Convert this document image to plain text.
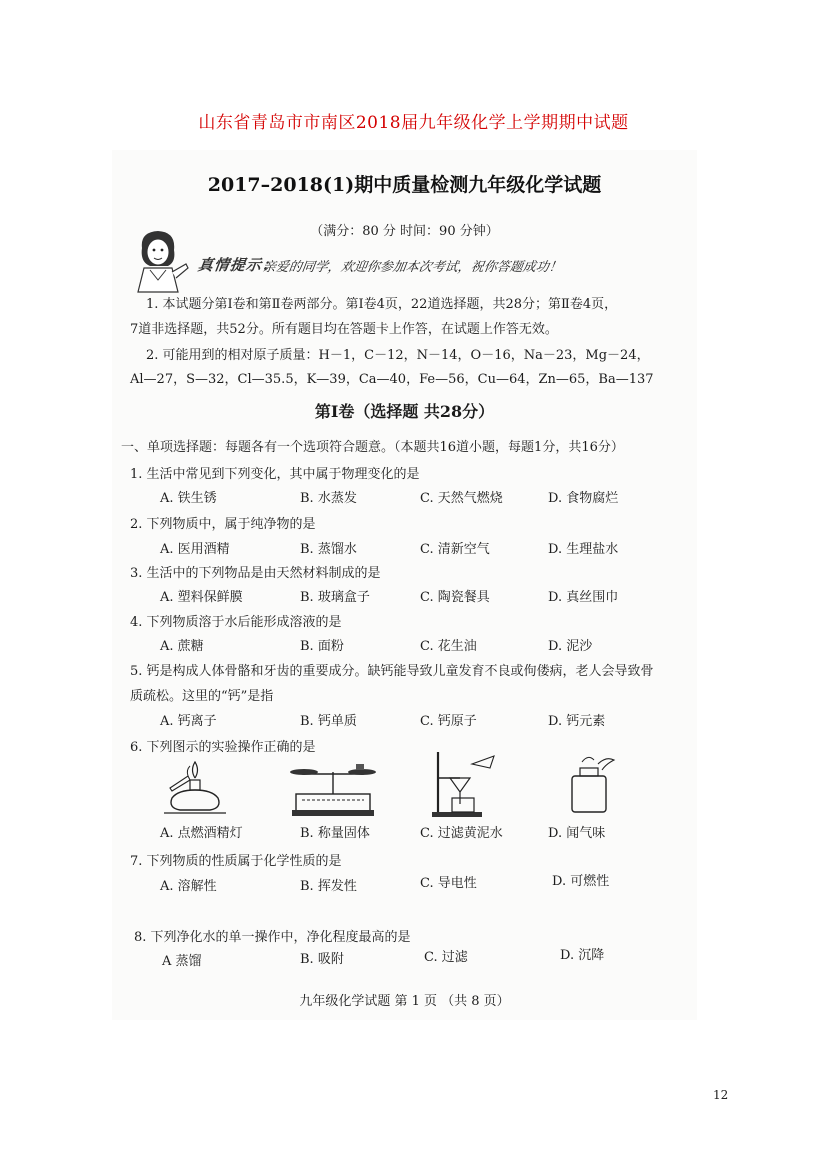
山东省青岛市市南区2018届九年级化学上学期期中试题
2017–2018(1)期中质量检测九年级化学试题
（满分：80 分 时间：90 分钟）
真情提示：
亲爱的同学，欢迎你参加本次考试，祝你答题成功！
1. 本试题分第Ⅰ卷和第Ⅱ卷两部分。第Ⅰ卷4页，22道选择题，共28分；第Ⅱ卷4页，
7道非选择题，共52分。所有题目均在答题卡上作答，在试题上作答无效。
2. 可能用到的相对原子质量：H－1，C－12，N－14，O－16，Na－23，Mg－24，
Al—27，S—32，Cl—35.5，K—39，Ca—40，Fe—56，Cu—64，Zn—65，Ba—137
第Ⅰ卷（选择题 共28分）
一、单项选择题：每题各有一个选项符合题意。（本题共16道小题，每题1分，共16分）
1. 生活中常见到下列变化，其中属于物理变化的是
A. 铁生锈	B. 水蒸发	C. 天然气燃烧	D. 食物腐烂
2. 下列物质中，属于纯净物的是
A. 医用酒精	B. 蒸馏水	C. 清新空气	D. 生理盐水
3. 生活中的下列物品是由天然材料制成的是
A. 塑料保鲜膜	B. 玻璃盒子	C. 陶瓷餐具	D. 真丝围巾
4. 下列物质溶于水后能形成溶液的是
A. 蔗糖	B. 面粉	C. 花生油	D. 泥沙
5. 钙是构成人体骨骼和牙齿的重要成分。缺钙能导致儿童发育不良或佝偻病，老人会导致骨
质疏松。这里的“钙”是指
A. 钙离子	B. 钙单质	C. 钙原子	D. 钙元素
6. 下列图示的实验操作正确的是
A. 点燃酒精灯	B. 称量固体	C. 过滤黄泥水	D. 闻气味
7. 下列物质的性质属于化学性质的是
A. 溶解性	B. 挥发性	C. 导电性	D. 可燃性
8. 下列净化水的单一操作中，净化程度最高的是
A 蒸馏	B. 吸附	C. 过滤	D. 沉降
九年级化学试题 第 1 页 （共 8 页）
12
